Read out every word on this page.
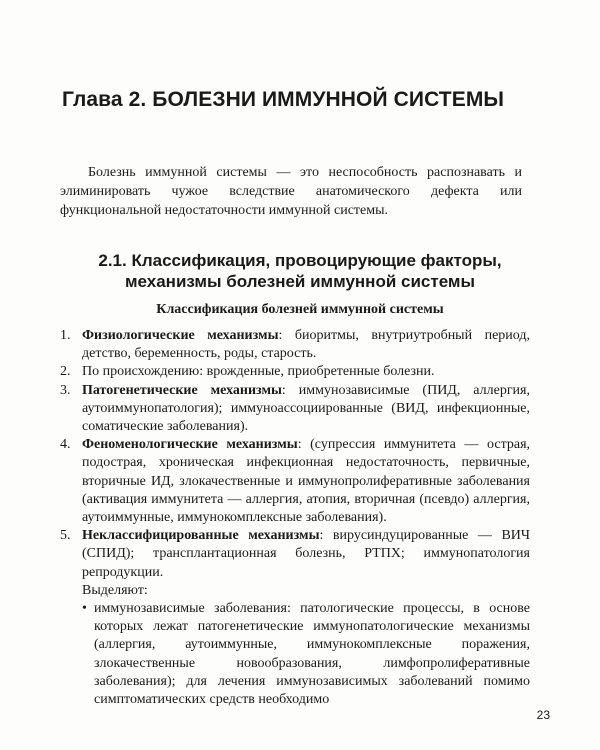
Глава 2. БОЛЕЗНИ ИММУННОЙ СИСТЕМЫ

Болезнь иммунной системы — это неспособность распознавать и элиминировать чужое вследствие анатомического дефекта или функциональной недостаточности иммунной системы.

2.1. Классификация, провоцирующие факторы,
механизмы болезней иммунной системы
Классификация болезней иммунной системы
1. Физиологические механизмы: биоритмы, внутриутробный период, детство, беременность, роды, старость.
2. По происхождению: врожденные, приобретенные болезни.
3. Патогенетические механизмы: иммунозависимые (ПИД, аллергия, аутоиммунопатология); иммуноассоциированные (ВИД, инфекционные, соматические заболевания).
4. Феноменологические механизмы: (супрессия иммунитета — острая, подострая, хроническая инфекционная недостаточность, первичные, вторичные ИД, злокачественные и иммунопролиферативные заболевания (активация иммунитета — аллергия, атопия, вторичная (псевдо) аллергия, аутоиммунные, иммунокомплексные заболевания).
5. Неклассифицированные механизмы: вирусиндуцированные — ВИЧ (СПИД); трансплантационная болезнь, РТПХ; иммунопатология репродукции.
Выделяют:
• иммунозависимые заболевания: патологические процессы, в основе которых лежат патогенетические иммунопатологические механизмы (аллергия, аутоиммунные, иммунокомплексные поражения, злокачественные новообразования, лимфопролиферативные заболевания); для лечения иммунозависимых заболеваний помимо симптоматических средств необходимо

23
